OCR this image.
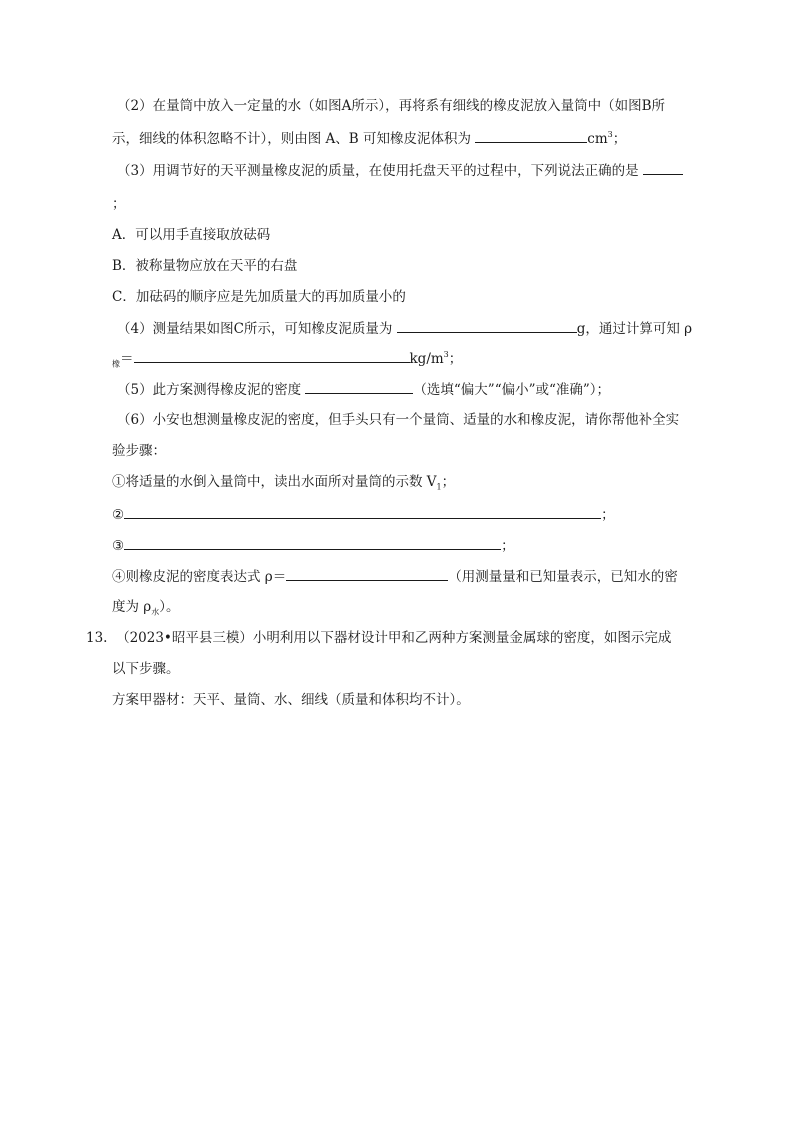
（2）在量筒中放入一定量的水（如图A所示），再将系有细线的橡皮泥放入量筒中（如图B所
示，细线的体积忽略不计），则由图 A、B 可知橡皮泥体积为	$cm^3$；
（3）用调节好的天平测量橡皮泥的质量，在使用托盘天平的过程中，下列说法正确的是
；
A．可以用手直接取放砝码
B．被称量物应放在天平的右盘
C．加砝码的顺序应是先加质量大的再加质量小的
（4）测量结果如图C所示，可知橡皮泥质量为	g，通过计算可知 ρ
$_橡$＝	$kg/m^3$；
（5）此方案测得橡皮泥的密度	（选填“偏大”“偏小”或“准确”）；
（6）小安也想测量橡皮泥的密度，但手头只有一个量筒、适量的水和橡皮泥，请你帮他补全实
验步骤：
①将适量的水倒入量筒中，读出水面所对量筒的示数 $V_1$；
②	；
③	；
④则橡皮泥的密度表达式 ρ＝	（用测量量和已知量表示，已知水的密
度为 $\rho_水$）。
13. （2023•昭平县三模）小明利用以下器材设计甲和乙两种方案测量金属球的密度，如图示完成
以下步骤。
方案甲器材：天平、量筒、水、细线（质量和体积均不计）。
